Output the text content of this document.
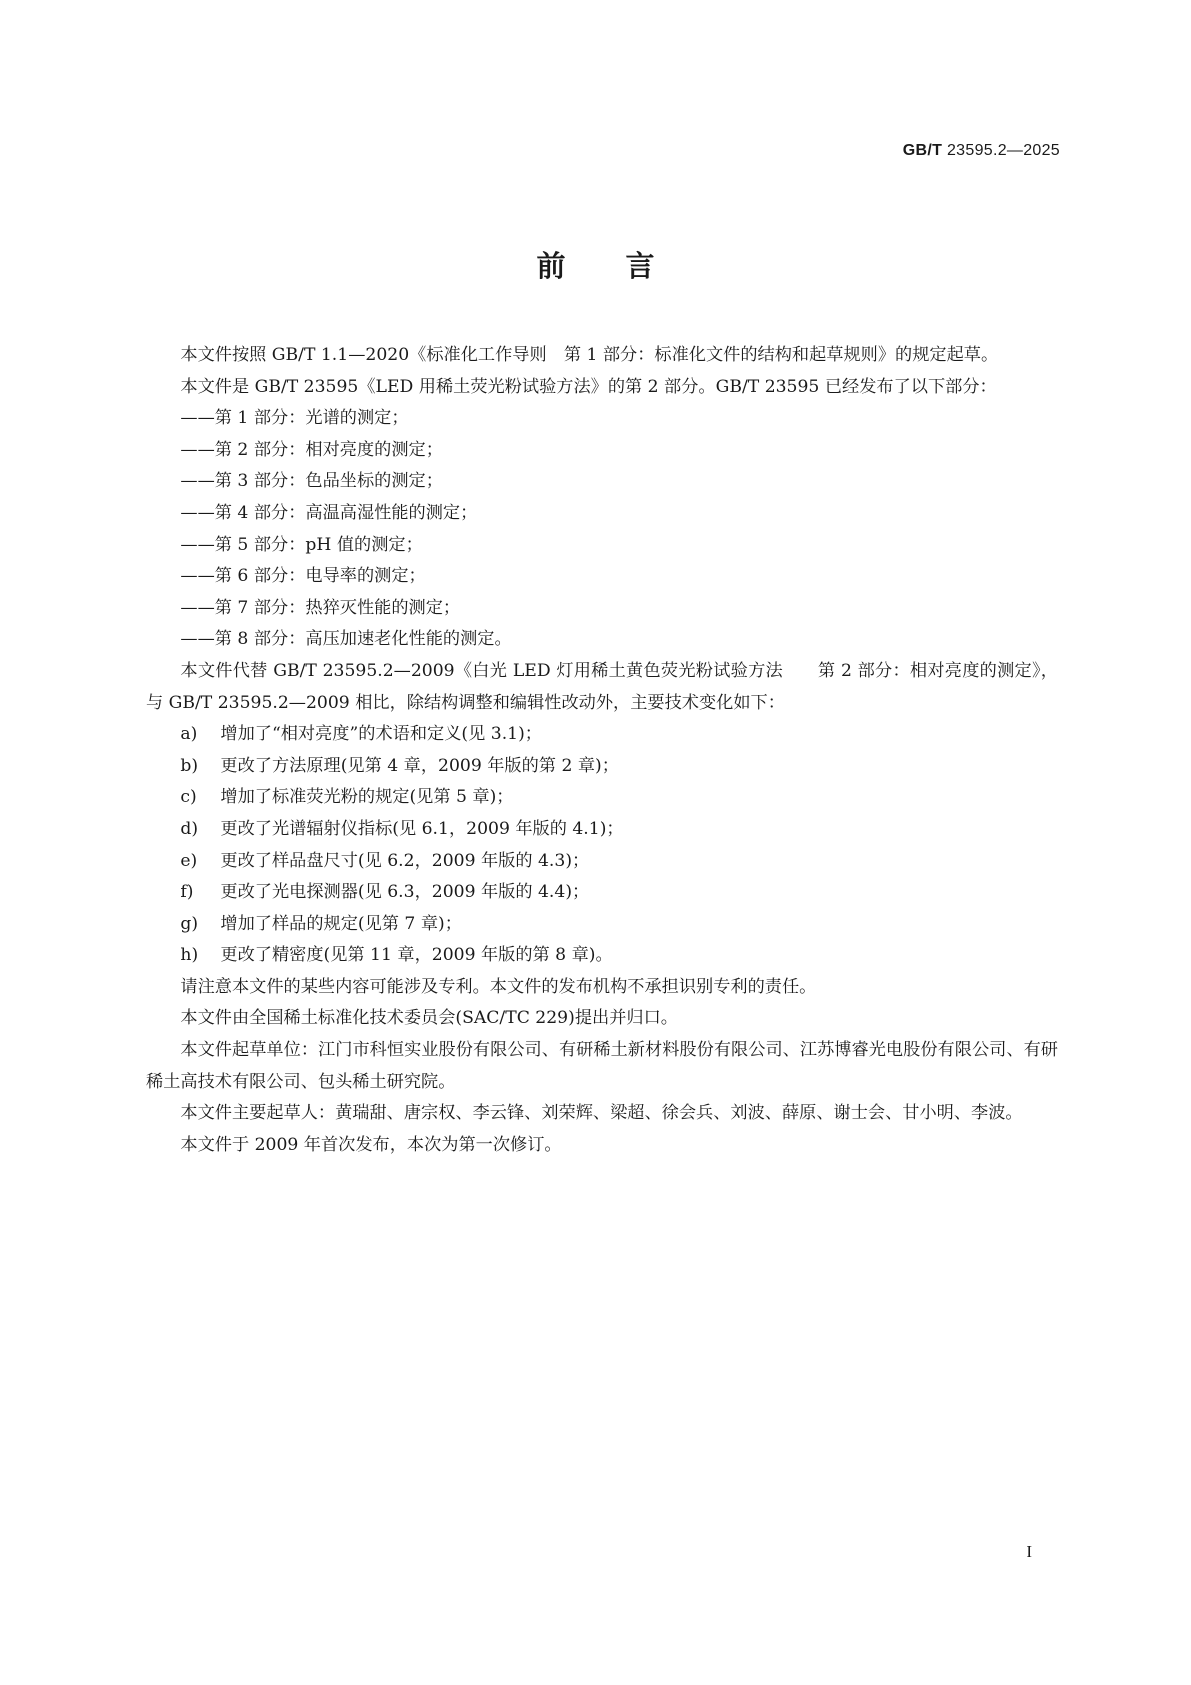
GB/T 23595.2—2025
前言

本文件按照 GB/T 1.1—2020《标准化工作导则　第 1 部分：标准化文件的结构和起草规则》的规定起草。

本文件是 GB/T 23595《LED 用稀土荧光粉试验方法》的第 2 部分。GB/T 23595 已经发布了以下部分：

——第 1 部分：光谱的测定；

——第 2 部分：相对亮度的测定；

——第 3 部分：色品坐标的测定；

——第 4 部分：高温高湿性能的测定；

——第 5 部分：pH 值的测定；

——第 6 部分：电导率的测定；

——第 7 部分：热猝灭性能的测定；

——第 8 部分：高压加速老化性能的测定。

本文件代替 GB/T 23595.2—2009《白光 LED 灯用稀土黄色荧光粉试验方法　　第 2 部分：相对亮度的测定》，与 GB/T 23595.2—2009 相比，除结构调整和编辑性改动外，主要技术变化如下：

a) 增加了“相对亮度”的术语和定义(见 3.1)；

b) 更改了方法原理(见第 4 章，2009 年版的第 2 章)；

c) 增加了标准荧光粉的规定(见第 5 章)；

d) 更改了光谱辐射仪指标(见 6.1，2009 年版的 4.1)；

e) 更改了样品盘尺寸(见 6.2，2009 年版的 4.3)；

f) 更改了光电探测器(见 6.3，2009 年版的 4.4)；

g) 增加了样品的规定(见第 7 章)；

h) 更改了精密度(见第 11 章，2009 年版的第 8 章)。

请注意本文件的某些内容可能涉及专利。本文件的发布机构不承担识别专利的责任。

本文件由全国稀土标准化技术委员会(SAC/TC 229)提出并归口。

本文件起草单位：江门市科恒实业股份有限公司、有研稀土新材料股份有限公司、江苏博睿光电股份有限公司、有研稀土高技术有限公司、包头稀土研究院。

本文件主要起草人：黄瑞甜、唐宗权、李云锋、刘荣辉、梁超、徐会兵、刘波、薛原、谢士会、甘小明、李波。

本文件于 2009 年首次发布，本次为第一次修订。

I
